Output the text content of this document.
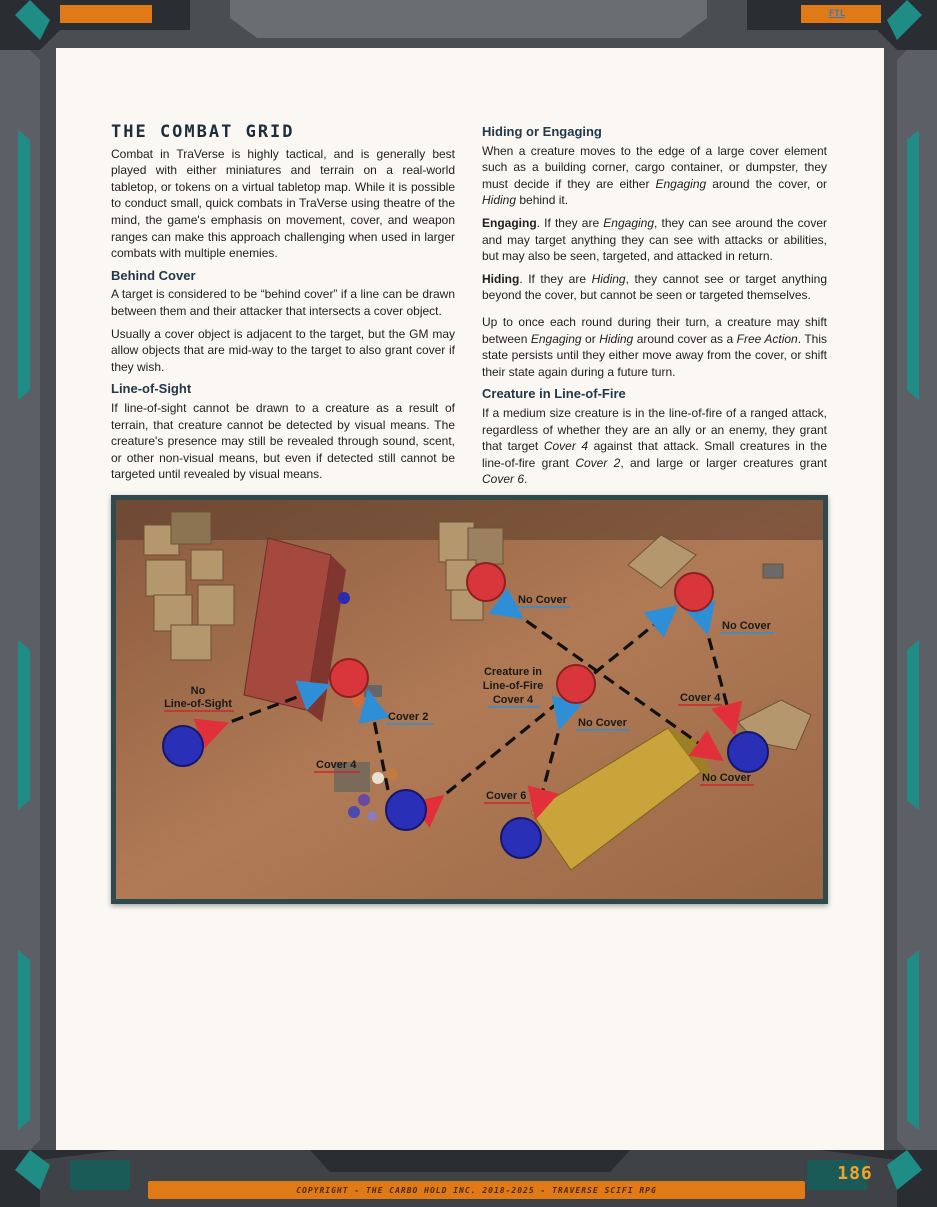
FTL
THE COMBAT GRID

Combat in TraVerse is highly tactical, and is generally best played with either miniatures and terrain on a real-world tabletop, or tokens on a virtual tabletop map. While it is possible to conduct small, quick combats in TraVerse using theatre of the mind, the game's emphasis on movement, cover, and weapon ranges can make this approach challenging when used in larger combats with multiple enemies.

Behind Cover

A target is considered to be “behind cover” if a line can be drawn between them and their attacker that intersects a cover object.

Usually a cover object is adjacent to the target, but the GM may allow objects that are mid-way to the target to also grant cover if they wish.

Line-of-Sight

If line-of-sight cannot be drawn to a creature as a result of terrain, that creature cannot be detected by visual means. The creature's presence may still be revealed through sound, scent, or other non-visual means, but even if detected still cannot be targeted until revealed by visual means.

Hiding or Engaging

When a creature moves to the edge of a large cover element such as a building corner, cargo container, or dumpster, they must decide if they are either Engaging around the cover, or Hiding behind it.

Engaging. If they are Engaging, they can see around the cover and may target anything they can see with attacks or abilities, but may also be seen, targeted, and attacked in return.

Hiding. If they are Hiding, they cannot see or target anything beyond the cover, but cannot be seen or targeted themselves.

Up to once each round during their turn, a creature may shift between Engaging or Hiding around cover as a Free Action. This state persists until they either move away from the cover, or shift their state again during a future turn.

Creature in Line-of-Fire

If a medium size creature is in the line-of-fire of a ranged attack, regardless of whether they are an ally or an enemy, they grant that target Cover 4 against that attack. Small creatures in the line-of-fire grant Cover 2, and large or larger creatures grant Cover 6.

No
Line-of-Sight
Cover 2
Cover 4
Creature in
Line-of-Fire
Cover 4
No Cover
No Cover
No Cover
Cover 4
No Cover
Cover 6
COPYRIGHT - THE CARBO HOLD INC. 2018-2025 - TRAVERSE SCIFI RPG
186
